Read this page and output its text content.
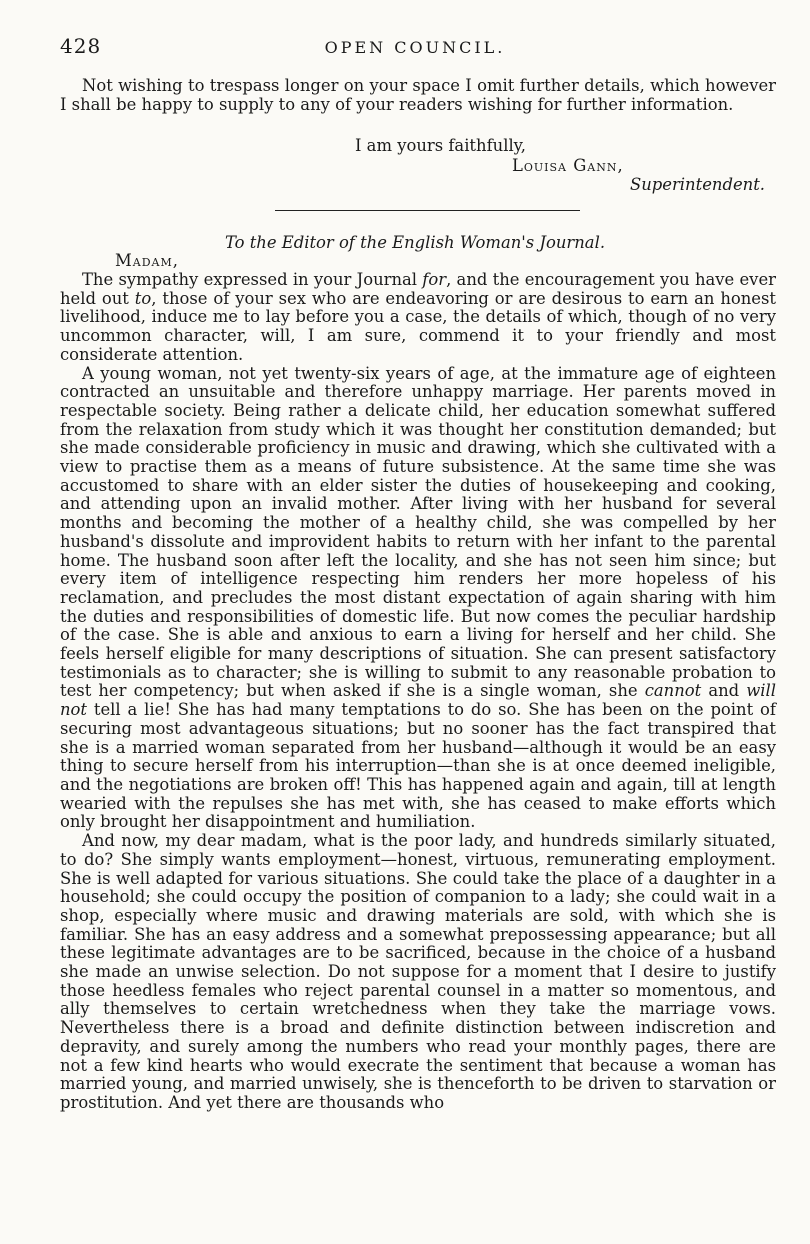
428	OPEN COUNCIL.

Not wishing to trespass longer on your space I omit further details, which however I shall be happy to supply to any of your readers wishing for further information.

I am yours faithfully,
Louisa Gann,
Superintendent.
To the Editor of the English Woman's Journal.
Madam,

The sympathy expressed in your Journal for, and the encouragement you have ever held out to, those of your sex who are endeavoring or are desirous to earn an honest livelihood, induce me to lay before you a case, the details of which, though of no very uncommon character, will, I am sure, commend it to your friendly and most considerate attention.

A young woman, not yet twenty-six years of age, at the immature age of eighteen contracted an unsuitable and therefore unhappy marriage. Her parents moved in respectable society. Being rather a delicate child, her education somewhat suffered from the relaxation from study which it was thought her constitution demanded; but she made considerable proficiency in music and drawing, which she cultivated with a view to practise them as a means of future subsistence. At the same time she was accustomed to share with an elder sister the duties of housekeeping and cooking, and attending upon an invalid mother. After living with her husband for several months and becoming the mother of a healthy child, she was compelled by her husband's dissolute and improvident habits to return with her infant to the parental home. The husband soon after left the locality, and she has not seen him since; but every item of intelligence respecting him renders her more hopeless of his reclamation, and precludes the most distant expectation of again sharing with him the duties and responsibilities of domestic life. But now comes the peculiar hardship of the case. She is able and anxious to earn a living for herself and her child. She feels herself eligible for many descriptions of situation. She can present satisfactory testimonials as to character; she is willing to submit to any reasonable probation to test her competency; but when asked if she is a single woman, she cannot and will not tell a lie! She has had many temptations to do so. She has been on the point of securing most advantageous situations; but no sooner has the fact transpired that she is a married woman separated from her husband—although it would be an easy thing to secure herself from his interruption—than she is at once deemed ineligible, and the negotiations are broken off! This has happened again and again, till at length wearied with the repulses she has met with, she has ceased to make efforts which only brought her disappointment and humiliation.

And now, my dear madam, what is the poor lady, and hundreds similarly situated, to do? She simply wants employment—honest, virtuous, remunerating employment. She is well adapted for various situations. She could take the place of a daughter in a household; she could occupy the position of companion to a lady; she could wait in a shop, especially where music and drawing materials are sold, with which she is familiar. She has an easy address and a somewhat prepossessing appearance; but all these legitimate advantages are to be sacrificed, because in the choice of a husband she made an unwise selection. Do not suppose for a moment that I desire to justify those heedless females who reject parental counsel in a matter so momentous, and ally themselves to certain wretchedness when they take the marriage vows. Nevertheless there is a broad and definite distinction between indiscretion and depravity, and surely among the numbers who read your monthly pages, there are not a few kind hearts who would execrate the sentiment that because a woman has married young, and married unwisely, she is thenceforth to be driven to starvation or prostitution. And yet there are thousands who
